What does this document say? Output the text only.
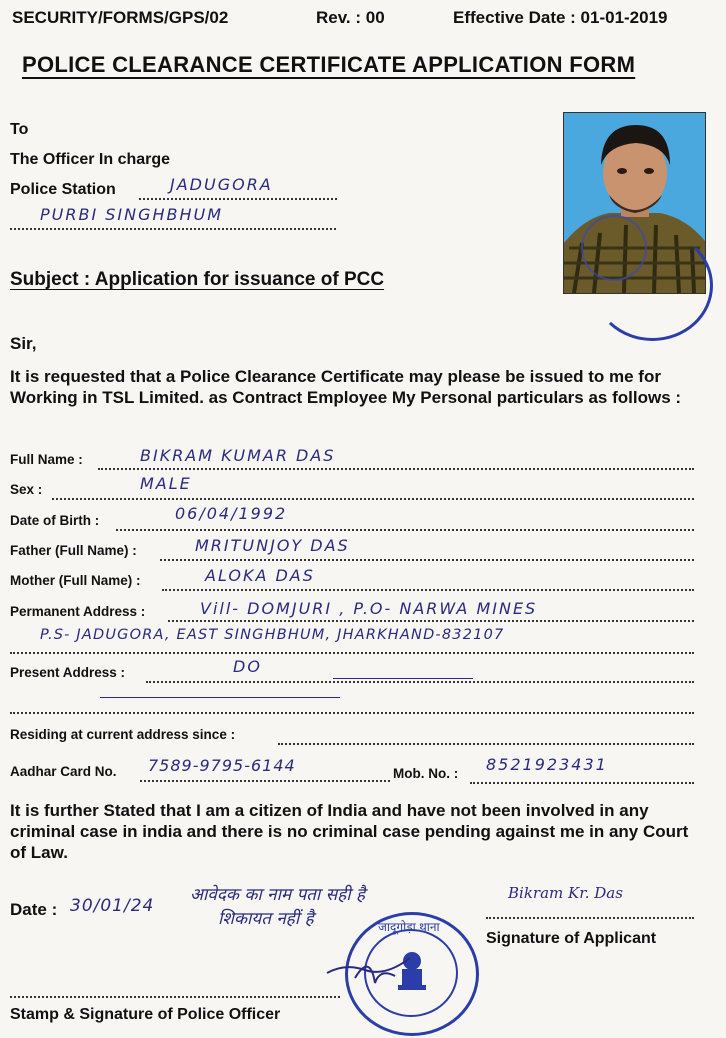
SECURITY/FORMS/GPS/02	Rev. : 00	Effective Date : 01-01-2019
POLICE CLEARANCE CERTIFICATE APPLICATION FORM
To
The Officer In charge
Police Station	JADUGORA
PURBI SINGHBHUM
Subject : Application for issuance of PCC
Sir,
It is requested that a Police Clearance Certificate may please be issued to me for Working in TSL Limited. as Contract Employee My Personal particulars as follows :
Full Name :	BIKRAM KUMAR DAS
Sex :	MALE
Date of Birth :	06/04/1992
Father (Full Name) :	MRITUNJOY DAS
Mother (Full Name) :	ALOKA DAS
Permanent Address :	Vill- DOMJURI , P.O- NARWA MINES
P.S- JADUGORA, EAST SINGHBHUM, JHARKHAND-832107
Present Address :	DO
Residing at current address since :
Aadhar Card No. 7589-9795-6144	Mob. No. : 8521923431
It is further Stated that I am a citizen of India and have not been involved in any criminal case in india and there is no criminal case pending against me in any Court of Law.
Date : 30/01/24
आवेदक का नाम पता सही है
शिकायत नहीं है
Bikram Kr. Das
Signature of Applicant
Stamp & Signature of Police Officer
जादूगोड़ा थाना
